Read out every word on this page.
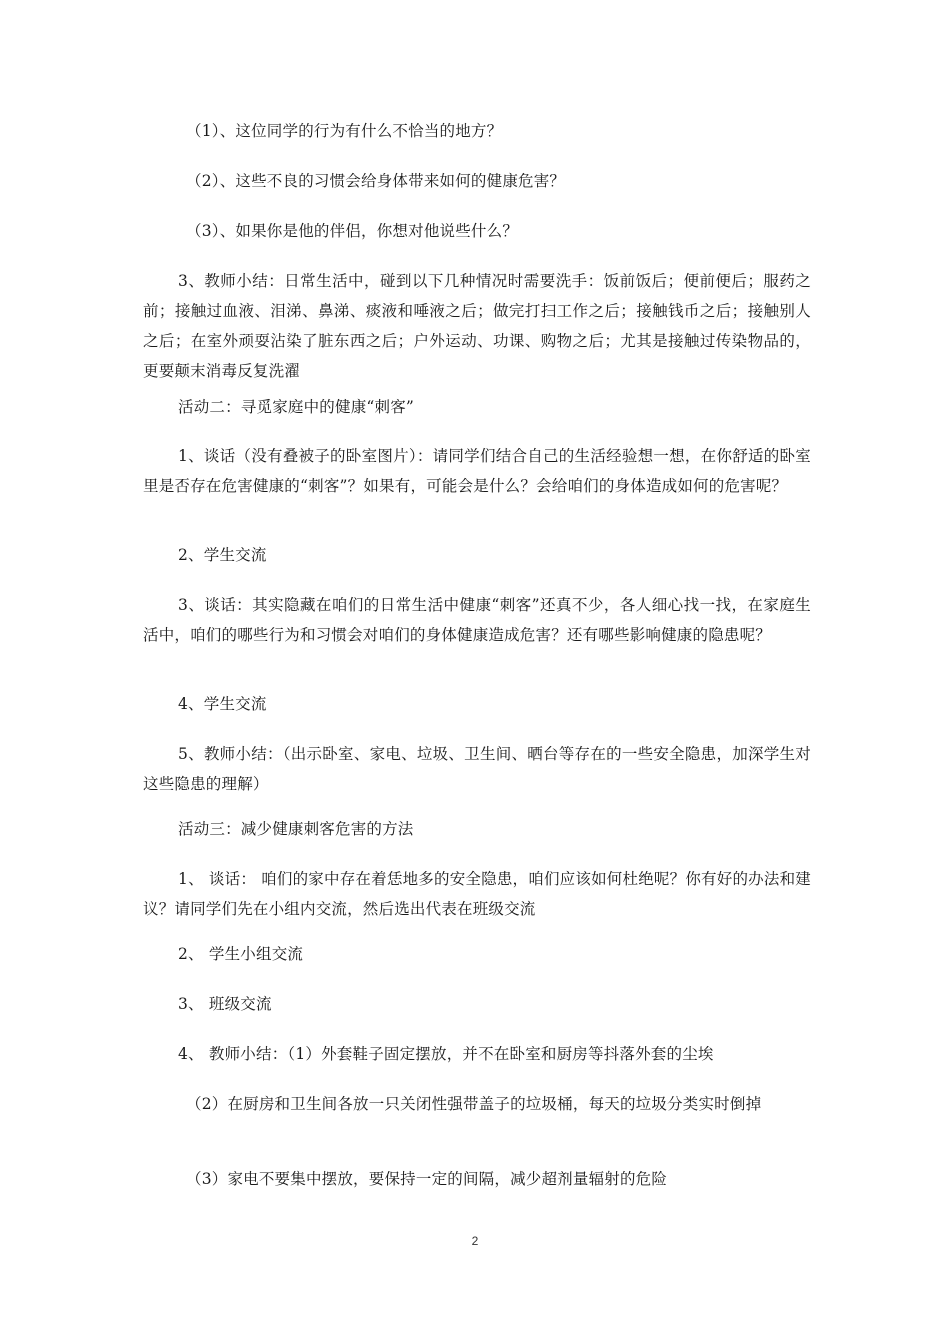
（1）、这位同学的行为有什么不恰当的地方？

（2）、这些不良的习惯会给身体带来如何的健康危害？

（3）、如果你是他的伴侣，你想对他说些什么？

3、教师小结：日常生活中，碰到以下几种情况时需要洗手：饭前饭后；便前便后；服药之前；接触过血液、泪涕、鼻涕、痰液和唾液之后；做完打扫工作之后；接触钱币之后；接触别人之后；在室外顽耍沾染了脏东西之后；户外运动、功课、购物之后；尤其是接触过传染物品的，更要颠末消毒反复洗濯

活动二：寻觅家庭中的健康“刺客”

1、谈话（没有叠被子的卧室图片）：请同学们结合自己的生活经验想一想，在你舒适的卧室里是否存在危害健康的“刺客”？如果有，可能会是什么？会给咱们的身体造成如何的危害呢？

2、学生交流

3、谈话：其实隐藏在咱们的日常生活中健康“刺客”还真不少，各人细心找一找，在家庭生活中，咱们的哪些行为和习惯会对咱们的身体健康造成危害？还有哪些影响健康的隐患呢？

4、学生交流

5、教师小结：（出示卧室、家电、垃圾、卫生间、晒台等存在的一些安全隐患，加深学生对这些隐患的理解）

活动三：减少健康刺客危害的方法

1、 谈话： 咱们的家中存在着恁地多的安全隐患，咱们应该如何杜绝呢？你有好的办法和建议？请同学们先在小组内交流，然后选出代表在班级交流

2、 学生小组交流

3、 班级交流

4、 教师小结：（1）外套鞋子固定摆放，并不在卧室和厨房等抖落外套的尘埃

（2）在厨房和卫生间各放一只关闭性强带盖子的垃圾桶，每天的垃圾分类实时倒掉

（3）家电不要集中摆放，要保持一定的间隔，减少超剂量辐射的危险

2
